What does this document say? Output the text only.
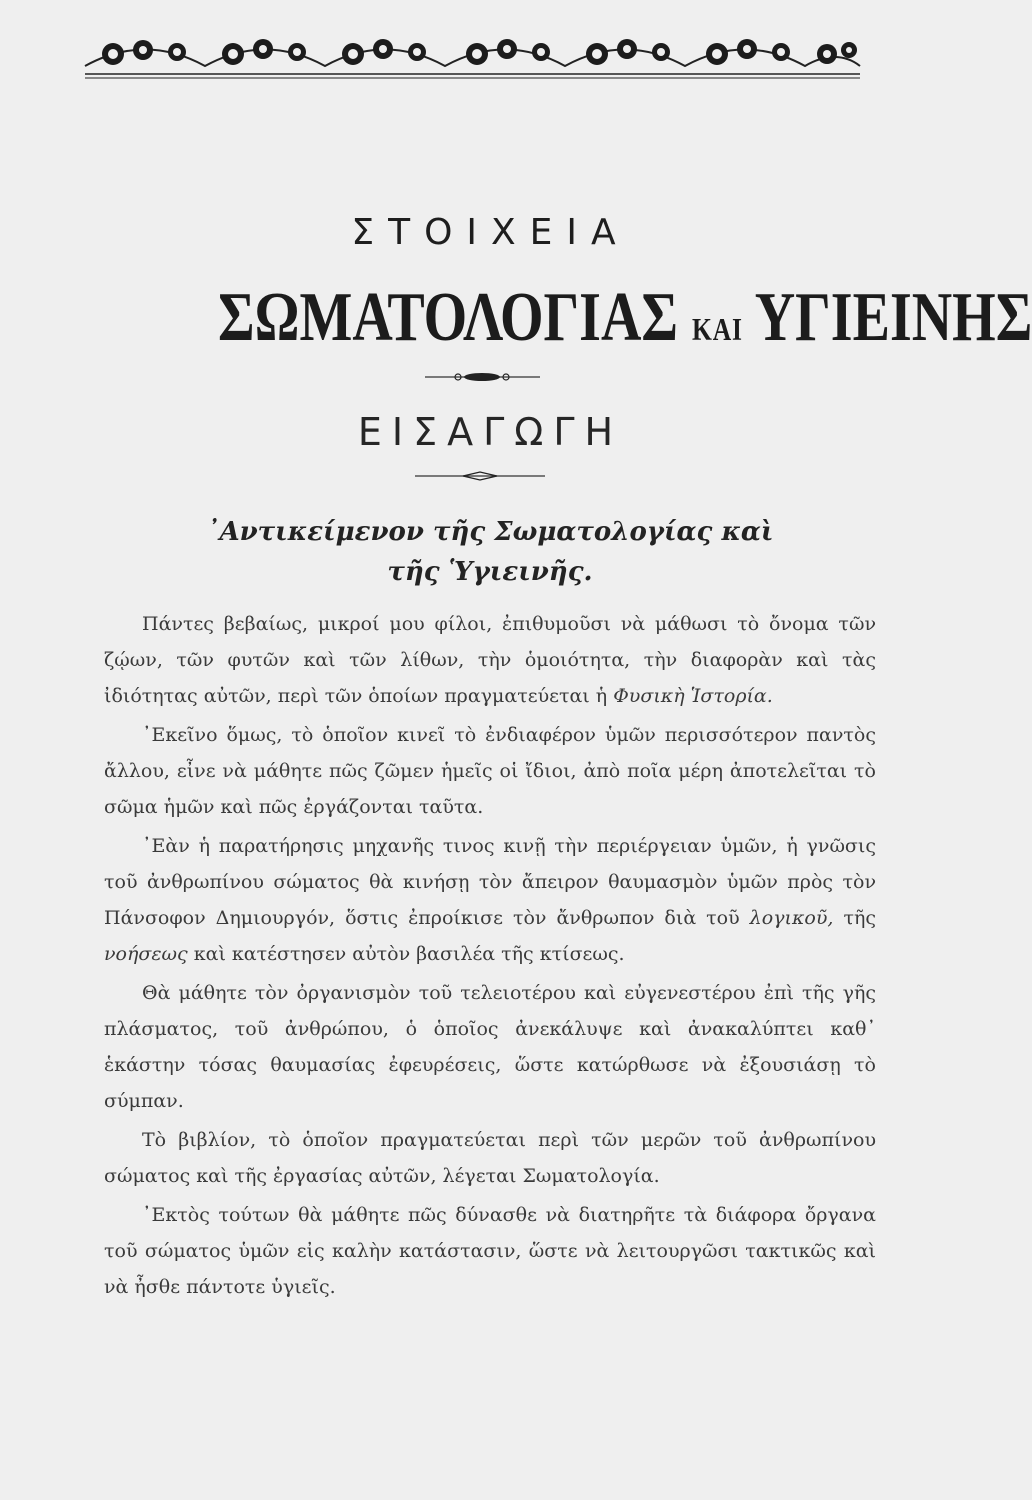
ΣΤΟΙΧΕΙΑ
ΣΩΜΑΤΟΛΟΓΙΑΣ ΚΑΙ ΥΓΙΕΙΝΗΣ
ΕΙΣΑΓΩΓΗ
᾿Αντικείμενον τῆς Σωματολογίας καὶ
τῆς Ὑγιεινῆς.

Πάντες βεβαίως, μικροί μου φίλοι, ἐπιθυμοῦσι νὰ μάθωσι τὸ ὄνομα τῶν ζῴων, τῶν φυτῶν καὶ τῶν λίθων, τὴν ὁμοιότητα, τὴν διαφορὰν καὶ τὰς ἰδιότητας αὐτῶν, περὶ τῶν ὁποίων πραγματεύεται ἡ Φυσικὴ Ἱστορία.

᾿Εκεῖνο ὅμως, τὸ ὁποῖον κινεῖ τὸ ἐνδιαφέρον ὑμῶν περισσότερον παντὸς ἄλλου, εἶνε νὰ μάθητε πῶς ζῶμεν ἡμεῖς οἱ ἴδιοι, ἀπὸ ποῖα μέρη ἀποτελεῖται τὸ σῶμα ἡμῶν καὶ πῶς ἐργάζονται ταῦτα.

᾿Εὰν ἡ παρατήρησις μηχανῆς τινος κινῇ τὴν περιέργειαν ὑμῶν, ἡ γνῶσις τοῦ ἀνθρωπίνου σώματος θὰ κινήσῃ τὸν ἄπειρον θαυμασμὸν ὑμῶν πρὸς τὸν Πάνσοφον Δημιουργόν, ὅστις ἐπροίκισε τὸν ἄνθρωπον διὰ τοῦ λογικοῦ, τῆς νοήσεως καὶ κατέστησεν αὐτὸν βασιλέα τῆς κτίσεως.

Θὰ μάθητε τὸν ὀργανισμὸν τοῦ τελειοτέρου καὶ εὐγενεστέρου ἐπὶ τῆς γῆς πλάσματος, τοῦ ἀνθρώπου, ὁ ὁποῖος ἀνεκάλυψε καὶ ἀνακαλύπτει καθ᾿ ἑκάστην τόσας θαυμασίας ἐφευρέσεις, ὥστε κατώρθωσε νὰ ἐξουσιάσῃ τὸ σύμπαν.

Τὸ βιβλίον, τὸ ὁποῖον πραγματεύεται περὶ τῶν μερῶν τοῦ ἀνθρωπίνου σώματος καὶ τῆς ἐργασίας αὐτῶν, λέγεται Σωματολογία.

᾿Εκτὸς τούτων θὰ μάθητε πῶς δύνασθε νὰ διατηρῆτε τὰ διάφορα ὄργανα τοῦ σώματος ὑμῶν εἰς καλὴν κατάστασιν, ὥστε νὰ λειτουργῶσι τακτικῶς καὶ νὰ ἦσθε πάντοτε ὑγιεῖς.
